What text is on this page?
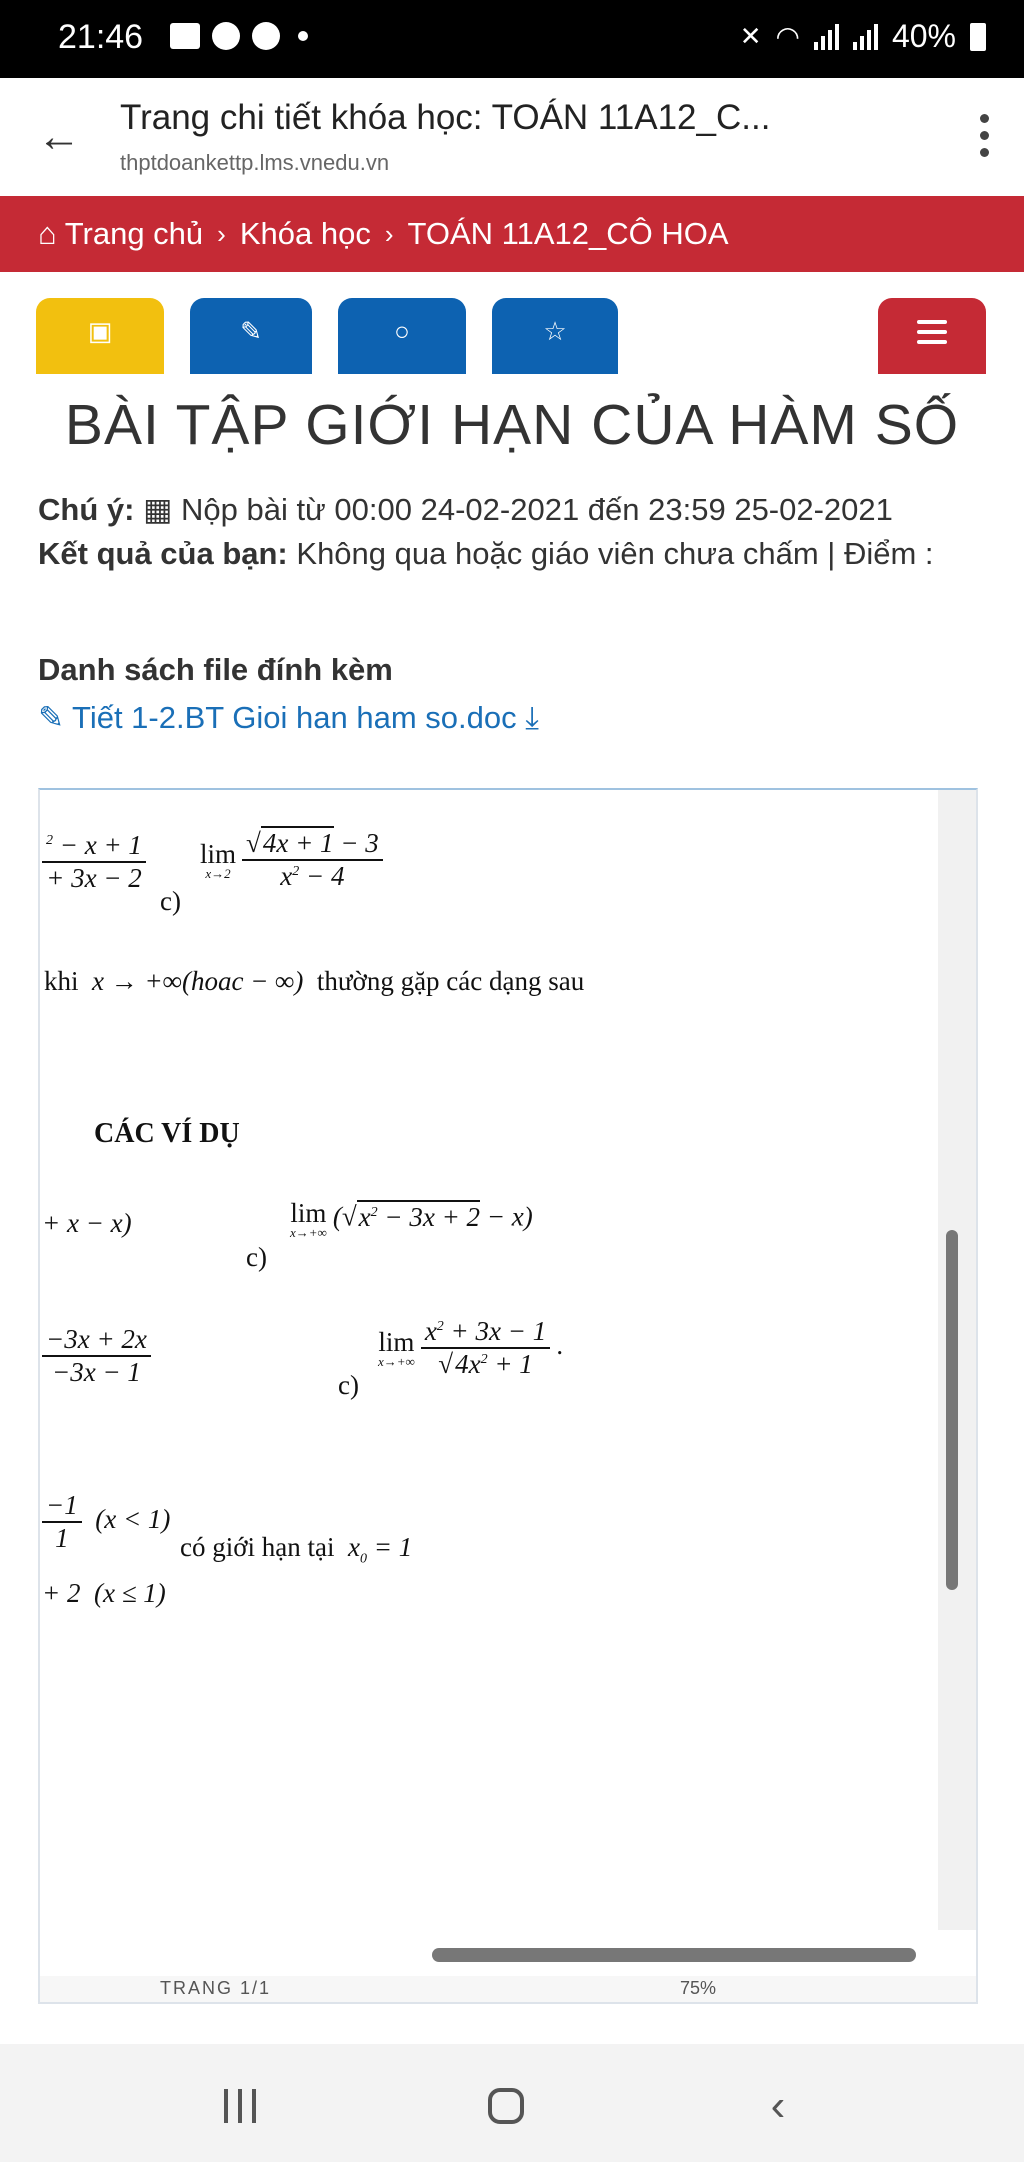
21:46	✕ ◠	40%
← Trang chi tiết khóa học: TOÁN 11A12_C...
thptdoankettp.lms.vnedu.vn
⌂ Trang chủ › Khóa học › TOÁN 11A12_CÔ HOA
▣	✎	○	☆
BÀI TẬP GIỚI HẠN CỦA HÀM SỐ
Chú ý: ▦ Nộp bài từ 00:00 24-02-2021 đến 23:59 25-02-2021
Kết quả của bạn: Không qua hoặc giáo viên chưa chấm | Điểm :
Danh sách file đính kèm
✎ Tiết 1-2.BT Gioi han ham so.doc ⤓
$\frac{^2 - x + 1}{+ 3x - 2}$
c)
lim
$x\to 2 \frac{√4x + 1 - 3}{x^2 - 4}$
khi  x → +∞(hoac − ∞)  thường gặp các dạng sau
CÁC VÍ DỤ
+ x − x)
c)
lim
x→+∞
$(√x^2 - 3x + 2 - x)$
$\frac{-3x + 2x}{-3x - 1}$	c)
lim
$x\to+\infty \frac{x^2 + 3x - 1}{√4x^2 + 1}$ .
$\frac{-1}{1} (x < 1)$
có giới hạn tại  $x_0 = 1$
+ 2  (x ≤ 1)
TRANG 1/1	75%
‹
